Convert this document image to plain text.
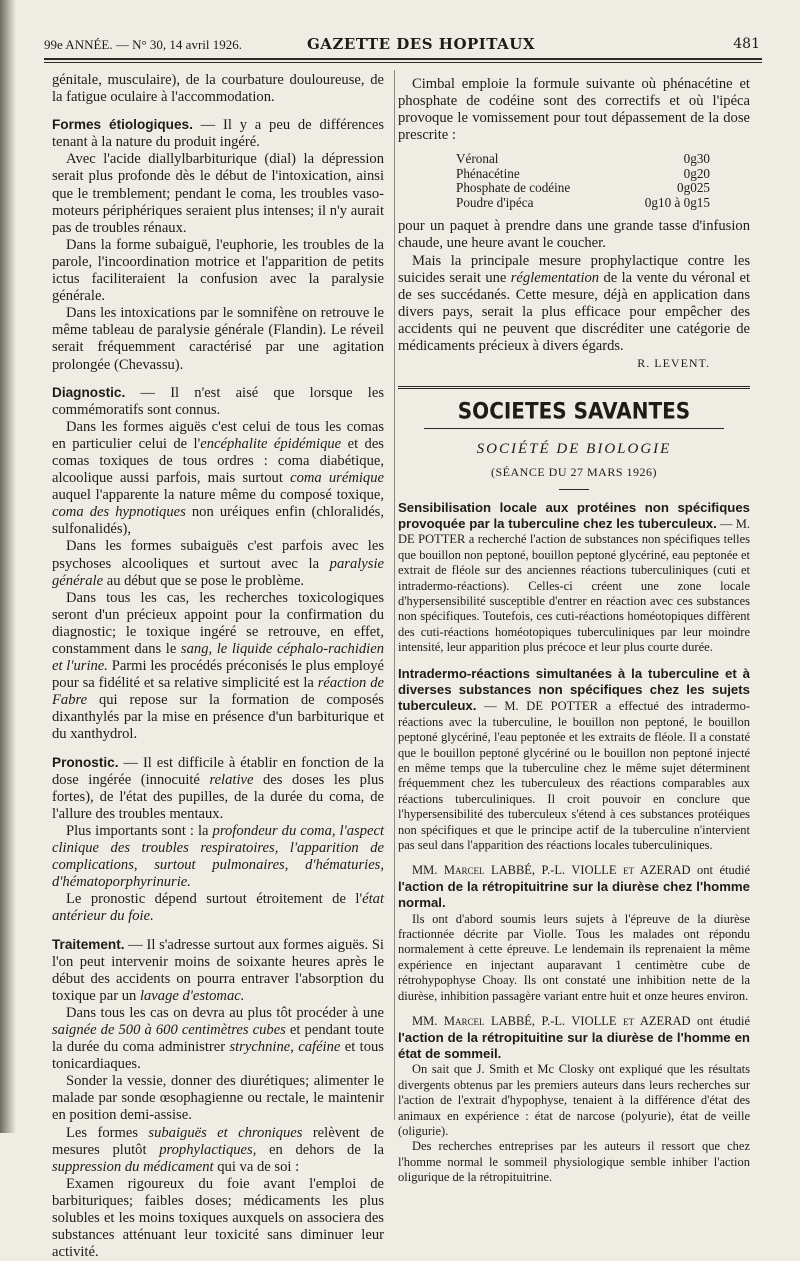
99e ANNÉE. — N° 30, 14 avril 1926.	GAZETTE DES HOPITAUX	481

génitale, musculaire), de la courbature douloureuse, de la fatigue oculaire à l'accommodation.

Formes étiologiques. — Il y a peu de différences tenant à la nature du produit ingéré.

Avec l'acide diallylbarbiturique (dial) la dépression serait plus profonde dès le début de l'intoxication, ainsi que le tremblement; pendant le coma, les troubles vaso-moteurs périphériques seraient plus intenses; il n'y aurait pas de troubles rénaux.

Dans la forme subaiguë, l'euphorie, les troubles de la parole, l'incoordination motrice et l'apparition de petits ictus faciliteraient la confusion avec la paralysie générale.

Dans les intoxications par le somnifène on retrouve le même tableau de paralysie générale (Flandin). Le réveil serait fréquemment caractérisé par une agitation prolongée (Chevassu).

Diagnostic. — Il n'est aisé que lorsque les commémoratifs sont connus.

Dans les formes aiguës c'est celui de tous les comas en particulier celui de l'encéphalite épidémique et des comas toxiques de tous ordres : coma diabétique, alcoolique aussi parfois, mais surtout coma urémique auquel l'apparente la nature même du composé toxique, coma des hypnotiques non uréiques enfin (chloralidés, sulfonalidés),

Dans les formes subaiguës c'est parfois avec les psychoses alcooliques et surtout avec la paralysie générale au début que se pose le problème.

Dans tous les cas, les recherches toxicologiques seront d'un précieux appoint pour la confirmation du diagnostic; le toxique ingéré se retrouve, en effet, constamment dans le sang, le liquide céphalo-rachidien et l'urine. Parmi les procédés préconisés le plus employé pour sa fidélité et sa relative simplicité est la réaction de Fabre qui repose sur la formation de composés dixanthylés par la mise en présence d'un barbiturique et du xanthydrol.

Pronostic. — Il est difficile à établir en fonction de la dose ingérée (innocuité relative des doses les plus fortes), de l'état des pupilles, de la durée du coma, de l'allure des troubles mentaux.

Plus importants sont : la profondeur du coma, l'aspect clinique des troubles respiratoires, l'apparition de complications, surtout pulmonaires, d'hématuries, d'hématoporphyrinurie.

Le pronostic dépend surtout étroitement de l'état antérieur du foie.

Traitement. — Il s'adresse surtout aux formes aiguës. Si l'on peut intervenir moins de soixante heures après le début des accidents on pourra entraver l'absorption du toxique par un lavage d'estomac.

Dans tous les cas on devra au plus tôt procéder à une saignée de 500 à 600 centimètres cubes et pendant toute la durée du coma administrer strychnine, caféine et tous tonicardiaques.

Sonder la vessie, donner des diurétiques; alimenter le malade par sonde œsophagienne ou rectale, le maintenir en position demi-assise.

Les formes subaiguës et chroniques relèvent de mesures plutôt prophylactiques, en dehors de la suppression du médicament qui va de soi :

Examen rigoureux du foie avant l'emploi de barbituriques; faibles doses; médicaments les plus solubles et les moins toxiques auxquels on associera des substances atténuant leur toxicité sans diminuer leur activité.

Cimbal emploie la formule suivante où phénacétine et phosphate de codéine sont des correctifs et où l'ipéca provoque le vomissement pour tout dépassement de la dose prescrite :

Véronal	0g30
Phénacétine	0g20
Phosphate de codéine	0g025
Poudre d'ipéca	0g10 à 0g15

pour un paquet à prendre dans une grande tasse d'infusion chaude, une heure avant le coucher.

Mais la principale mesure prophylactique contre les suicides serait une réglementation de la vente du véronal et de ses succédanés. Cette mesure, déjà en application dans divers pays, serait la plus efficace pour empêcher des accidents qui ne peuvent que discréditer une catégorie de médicaments précieux à divers égards.

R. LEVENT.
SOCIETES SAVANTES
SOCIÉTÉ DE BIOLOGIE
(SÉANCE DU 27 MARS 1926)

Sensibilisation locale aux protéines non spécifiques provoquée par la tuberculine chez les tuberculeux. — M. DE POTTER a recherché l'action de substances non spécifiques telles que bouillon non peptoné, bouillon peptoné glycériné, eau peptonée et extrait de fléole sur des anciennes réactions tuberculiniques (cuti et intradermo-réactions). Celles-ci créent une zone locale d'hypersensibilité susceptible d'entrer en réaction avec ces substances non spécifiques. Toutefois, ces cuti-réactions homéotopiques diffèrent des cuti-réactions homéotopiques tuberculiniques par leur moindre intensité, leur apparition plus précoce et leur plus courte durée.

Intradermo-réactions simultanées à la tuberculine et à diverses substances non spécifiques chez les sujets tuberculeux. — M. DE POTTER a effectué des intradermo-réactions avec la tuberculine, le bouillon non peptoné, le bouillon peptoné glycériné, l'eau peptonée et les extraits de fléole. Il a constaté que le bouillon peptoné glycériné ou le bouillon non peptoné injecté en même temps que la tuberculine chez le même sujet déterminent fréquemment chez les tuberculeux des réactions comparables aux réactions tuberculiniques. Il croit pouvoir en conclure que l'hypersensibilité des tuberculeux s'étend à ces substances protéiques non spécifiques et que le principe actif de la tuberculine n'intervient pas seul dans l'apparition des réactions locales tuberculiniques.

MM. Marcel LABBÉ, P.-L. VIOLLE et AZERAD ont étudié l'action de la rétropituitrine sur la diurèse chez l'homme normal.

Ils ont d'abord soumis leurs sujets à l'épreuve de la diurèse fractionnée décrite par Violle. Tous les malades ont répondu normalement à cette épreuve. Le lendemain ils reprenaient la même expérience en injectant auparavant 1 centimètre cube de rétrohypophyse Choay. Ils ont constaté une inhibition nette de la diurèse, inhibition passagère variant entre huit et onze heures environ.

MM. Marcel LABBÉ, P.-L. VIOLLE et AZERAD ont étudié l'action de la rétropituitine sur la diurèse de l'homme en état de sommeil.

On sait que J. Smith et Mc Closky ont expliqué que les résultats divergents obtenus par les premiers auteurs dans leurs recherches sur l'action de l'extrait d'hypophyse, tenaient à la différence d'état des animaux en expérience : état de narcose (polyurie), état de veille (oligurie).

Des recherches entreprises par les auteurs il ressort que chez l'homme normal le sommeil physiologique semble inhiber l'action oligurique de la rétropituitrine.
